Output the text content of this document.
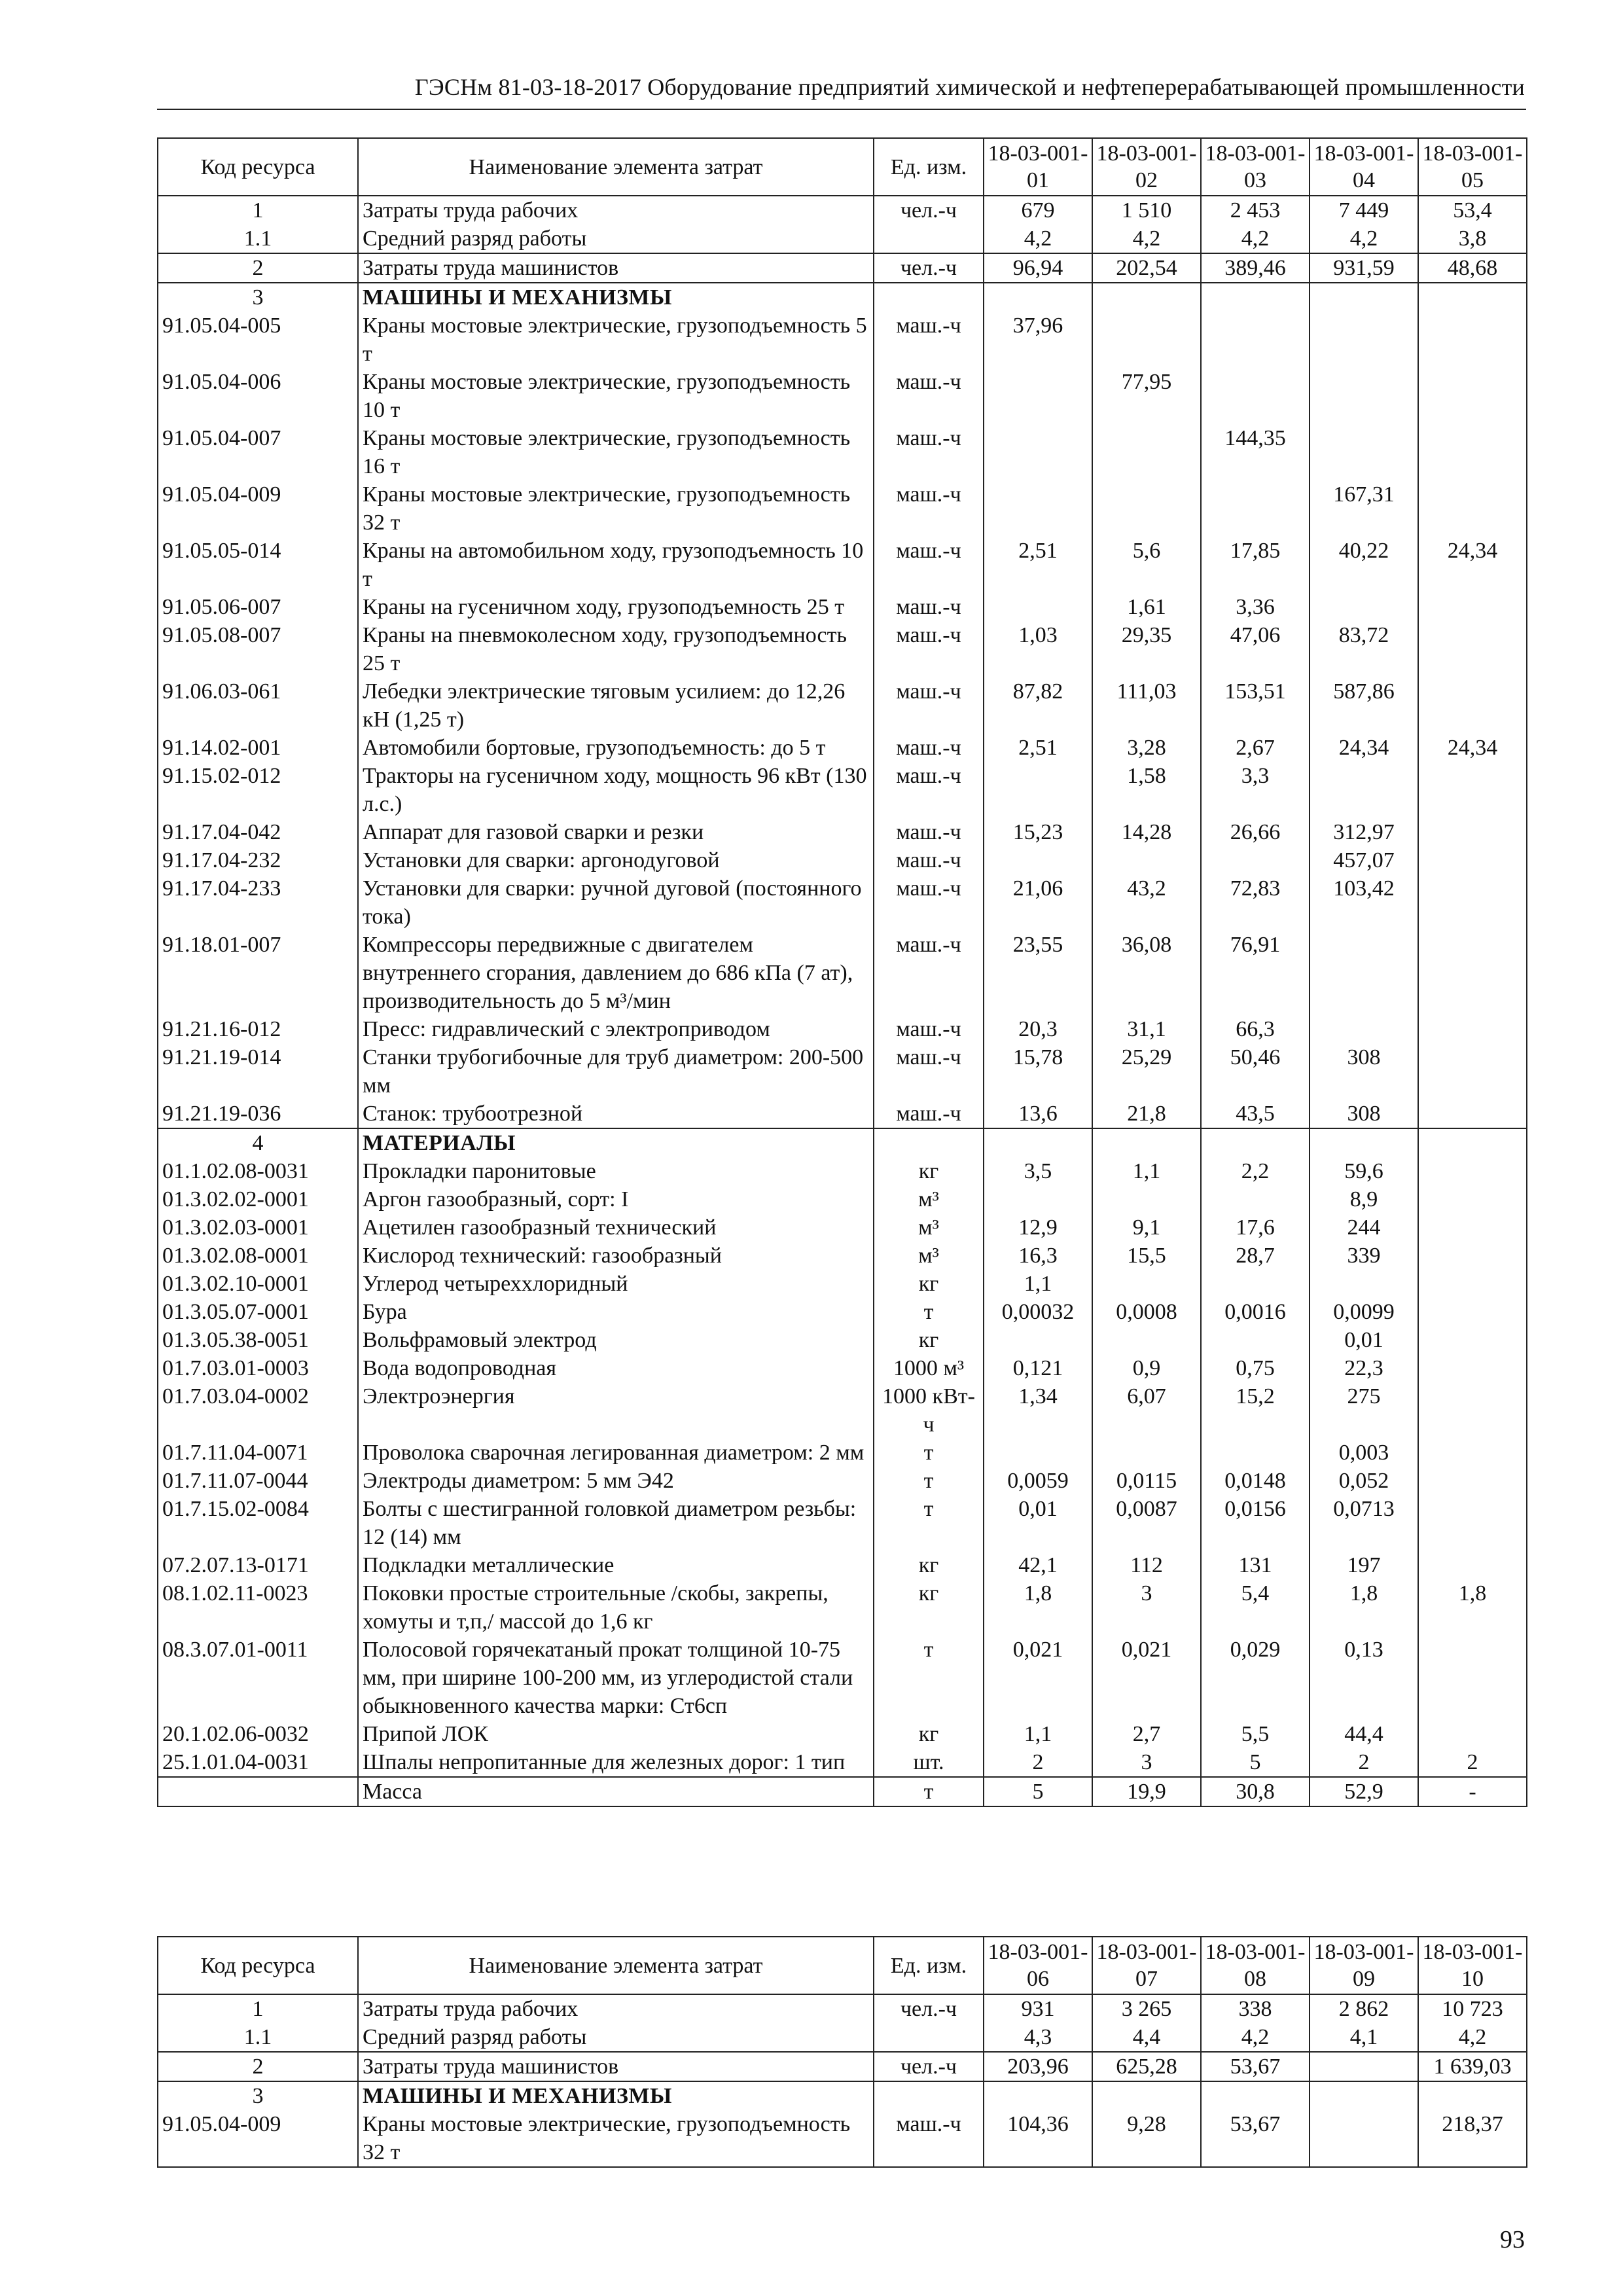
ГЭСНм 81-03-18-2017 Оборудование предприятий химической и нефтеперерабатывающей промышленности
Код ресурса	Наименование элемента затрат	Ед. изм.	18-03-001-01	18-03-001-02	18-03-001-03	18-03-001-04	18-03-001-05
1	Затраты труда рабочих	чел.-ч	679	1 510	2 453	7 449	53,4
1.1	Средний разряд работы		4,2	4,2	4,2	4,2	3,8
2	Затраты труда машинистов	чел.-ч	96,94	202,54	389,46	931,59	48,68
3	МАШИНЫ И МЕХАНИЗМЫ						
91.05.04-005	Краны мостовые электрические, грузоподъемность 5 т	маш.-ч	37,96				
91.05.04-006	Краны мостовые электрические, грузоподъемность 10 т	маш.-ч		77,95			
91.05.04-007	Краны мостовые электрические, грузоподъемность 16 т	маш.-ч			144,35		
91.05.04-009	Краны мостовые электрические, грузоподъемность 32 т	маш.-ч				167,31	
91.05.05-014	Краны на автомобильном ходу, грузоподъемность 10 т	маш.-ч	2,51	5,6	17,85	40,22	24,34
91.05.06-007	Краны на гусеничном ходу, грузоподъемность 25 т	маш.-ч		1,61	3,36		
91.05.08-007	Краны на пневмоколесном ходу, грузоподъемность 25 т	маш.-ч	1,03	29,35	47,06	83,72	
91.06.03-061	Лебедки электрические тяговым усилием: до 12,26 кН (1,25 т)	маш.-ч	87,82	111,03	153,51	587,86	
91.14.02-001	Автомобили бортовые, грузоподъемность: до 5 т	маш.-ч	2,51	3,28	2,67	24,34	24,34
91.15.02-012	Тракторы на гусеничном ходу, мощность 96 кВт (130 л.с.)	маш.-ч		1,58	3,3		
91.17.04-042	Аппарат для газовой сварки и резки	маш.-ч	15,23	14,28	26,66	312,97	
91.17.04-232	Установки для сварки: аргонодуговой	маш.-ч				457,07	
91.17.04-233	Установки для сварки: ручной дуговой (постоянного тока)	маш.-ч	21,06	43,2	72,83	103,42	
91.18.01-007	Компрессоры передвижные с двигателем внутреннего сгорания, давлением до 686 кПа (7 ат), производительность до 5 м³/мин	маш.-ч	23,55	36,08	76,91		
91.21.16-012	Пресс: гидравлический с электроприводом	маш.-ч	20,3	31,1	66,3		
91.21.19-014	Станки трубогибочные для труб диаметром: 200-500 мм	маш.-ч	15,78	25,29	50,46	308	
91.21.19-036	Станок: трубоотрезной	маш.-ч	13,6	21,8	43,5	308	
4	МАТЕРИАЛЫ						
01.1.02.08-0031	Прокладки паронитовые	кг	3,5	1,1	2,2	59,6	
01.3.02.02-0001	Аргон газообразный, сорт: I	м³				8,9	
01.3.02.03-0001	Ацетилен газообразный технический	м³	12,9	9,1	17,6	244	
01.3.02.08-0001	Кислород технический: газообразный	м³	16,3	15,5	28,7	339	
01.3.02.10-0001	Углерод четыреххлоридный	кг	1,1				
01.3.05.07-0001	Бура	т	0,00032	0,0008	0,0016	0,0099	
01.3.05.38-0051	Вольфрамовый электрод	кг				0,01	
01.7.03.01-0003	Вода водопроводная	1000 м³	0,121	0,9	0,75	22,3	
01.7.03.04-0002	Электроэнергия	1000 кВт-ч	1,34	6,07	15,2	275	
01.7.11.04-0071	Проволока сварочная легированная диаметром: 2 мм	т				0,003	
01.7.11.07-0044	Электроды диаметром: 5 мм Э42	т	0,0059	0,0115	0,0148	0,052	
01.7.15.02-0084	Болты с шестигранной головкой диаметром резьбы: 12 (14) мм	т	0,01	0,0087	0,0156	0,0713	
07.2.07.13-0171	Подкладки металлические	кг	42,1	112	131	197	
08.1.02.11-0023	Поковки простые строительные /скобы, закрепы, хомуты и т,п,/ массой до 1,6 кг	кг	1,8	3	5,4	1,8	1,8
08.3.07.01-0011	Полосовой горячекатаный прокат толщиной 10-75 мм, при ширине 100-200 мм, из углеродистой стали обыкновенного качества марки: Ст6сп	т	0,021	0,021	0,029	0,13	
20.1.02.06-0032	Припой ЛОК	кг	1,1	2,7	5,5	44,4	
25.1.01.04-0031	Шпалы непропитанные для железных дорог: 1 тип	шт.	2	3	5	2	2
	Масса	т	5	19,9	30,8	52,9	-
Код ресурса	Наименование элемента затрат	Ед. изм.	18-03-001-06	18-03-001-07	18-03-001-08	18-03-001-09	18-03-001-10
1	Затраты труда рабочих	чел.-ч	931	3 265	338	2 862	10 723
1.1	Средний разряд работы		4,3	4,4	4,2	4,1	4,2
2	Затраты труда машинистов	чел.-ч	203,96	625,28	53,67		1 639,03
3	МАШИНЫ И МЕХАНИЗМЫ						
91.05.04-009	Краны мостовые электрические, грузоподъемность 32 т	маш.-ч	104,36	9,28	53,67		218,37
93
